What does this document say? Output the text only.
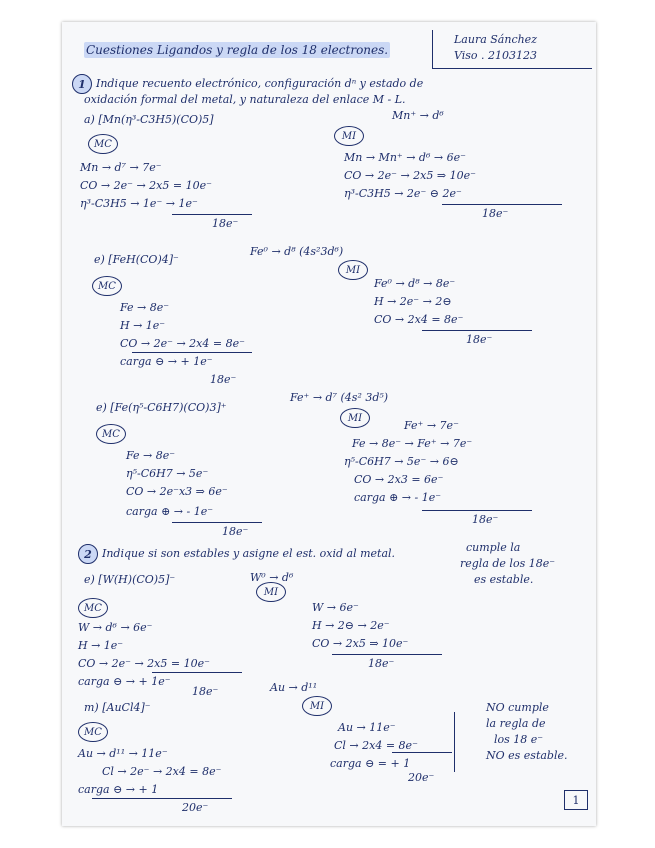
Cuestiones Ligandos y regla de los 18 electrones.
Laura Sánchez
Viso . 2103123
1 Indique recuento electrónico, configuración dⁿ y estado de
oxidación formal del metal, y naturaleza del enlace M - L.
a) [Mn(η³-C3H5)(CO)5]	Mn⁺ → d⁶
MC
Mn → d⁷ → 7e⁻
CO → 2e⁻ → 2x5 = 10e⁻
η³-C3H5 → 1e⁻ → 1e⁻
18e⁻
MI
Mn → Mn⁺ → d⁶ → 6e⁻
CO → 2e⁻ → 2x5 ⇒ 10e⁻
η³-C3H5 → 2e⁻ ⊖ 2e⁻
18e⁻
e) [FeH(CO)4]⁻
Fe⁰ → d⁸ (4s²3d⁶)
MC
Fe → 8e⁻
H → 1e⁻
CO → 2e⁻ → 2x4 = 8e⁻
carga ⊖ → + 1e⁻
18e⁻
MI
Fe⁰ → d⁸ → 8e⁻
H → 2e⁻ → 2⊖
CO → 2x4 = 8e⁻
18e⁻
e) [Fe(η⁵-C6H7)(CO)3]⁺
Fe⁺ → d⁷ (4s² 3d⁵)
MC
Fe → 8e⁻
η⁵-C6H7 → 5e⁻
CO → 2e⁻x3 ⇒ 6e⁻
carga ⊕ → - 1e⁻
18e⁻
MI
Fe⁺ → 7e⁻
Fe → 8e⁻ → Fe⁺ → 7e⁻
η⁵-C6H7 → 5e⁻ → 6⊖
CO → 2x3 = 6e⁻
carga ⊕ → - 1e⁻
18e⁻
2 Indique si son estables y asigne el est. oxid al metal.
e) [W(H)(CO)5]⁻	W⁰ → d⁶
cumple la
regla de los 18e⁻
es estable.
MC
W → d⁶ → 6e⁻
H → 1e⁻
CO → 2e⁻ → 2x5 = 10e⁻
carga ⊖ → + 1e⁻
18e⁻
MI
W → 6e⁻
H → 2⊖ → 2e⁻
CO → 2x5 ⇒ 10e⁻
18e⁻
m) [AuCl4]⁻
Au → d¹¹
MC
Au → d¹¹ → 11e⁻
Cl → 2e⁻ → 2x4 = 8e⁻
carga ⊖ → + 1
20e⁻
MI
Au → 11e⁻
Cl → 2x4 = 8e⁻
carga ⊖ = + 1
20e⁻
NO cumple
la regla de
los 18 e⁻
NO es estable.
1
